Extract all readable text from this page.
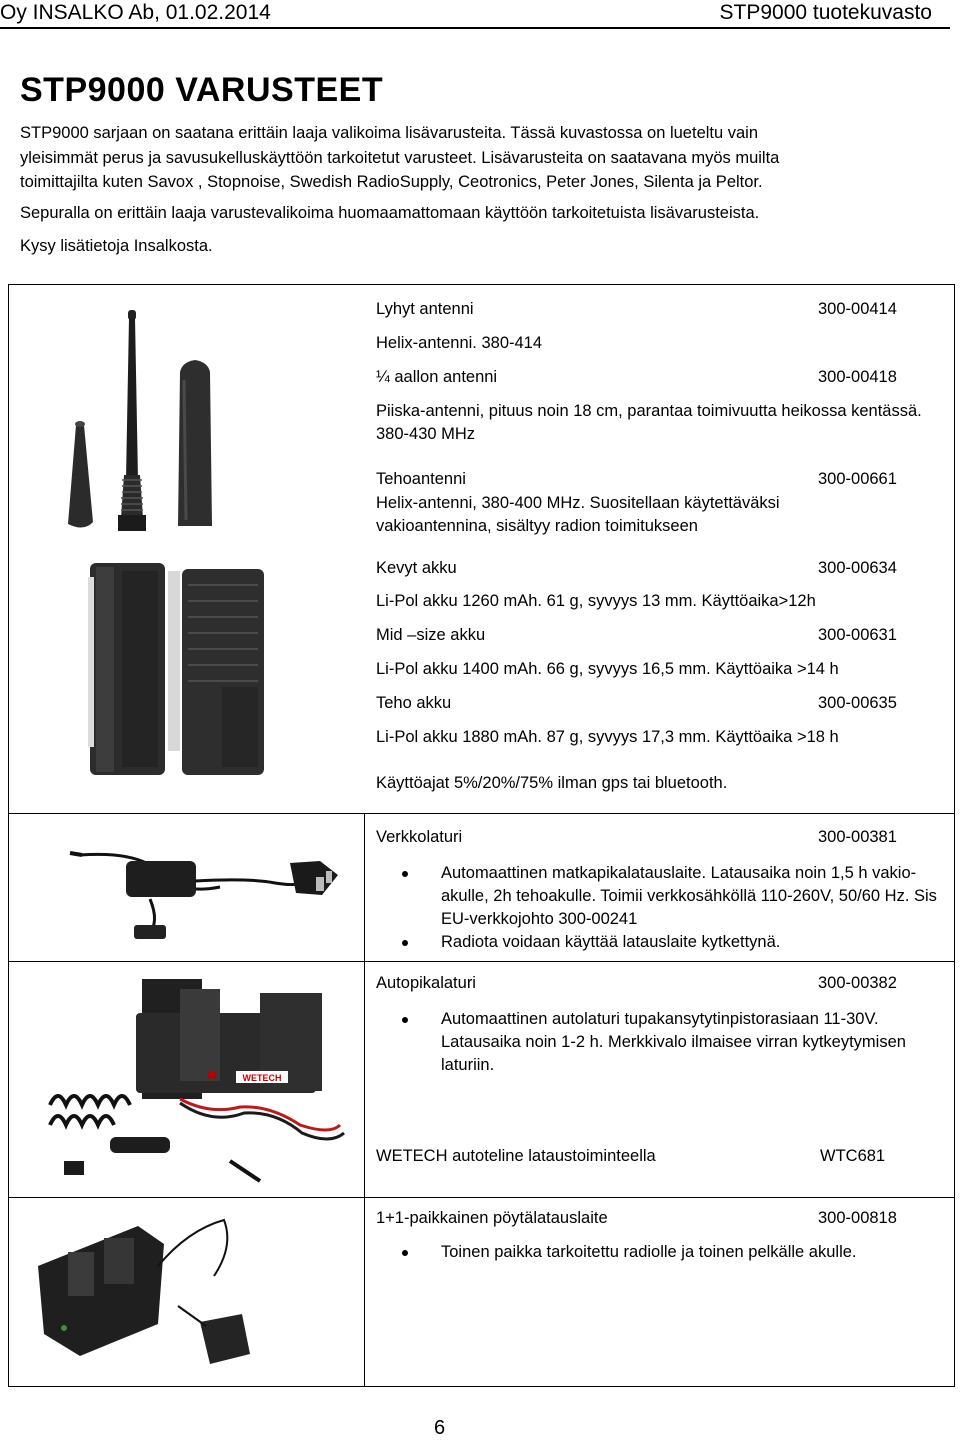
Oy INSALKO Ab, 01.02.2014	STP9000 tuotekuvasto
STP9000 VARUSTEET

STP9000 sarjaan on saatana erittäin laaja valikoima lisävarusteita. Tässä kuvastossa on lueteltu vain

yleisimmät perus ja savusukelluskäyttöön tarkoitetut varusteet. Lisävarusteita on saatavana myös muilta

toimittajilta kuten Savox , Stopnoise, Swedish RadioSupply, Ceotronics, Peter Jones, Silenta ja Peltor.

Sepuralla on erittäin laaja varustevalikoima huomaamattomaan käyttöön tarkoitetuista lisävarusteista.

Kysy lisätietoja Insalkosta.

WETECH
Lyhyt antenni	300-00414
Helix-antenni. 380-414
¼ aallon antenni	300-00418
Piiska-antenni, pituus noin 18 cm, parantaa toimivuutta heikossa kentässä. 380-430 MHz
Tehoantenni	300-00661
Helix-antenni, 380-400 MHz. Suositellaan käytettäväksi vakioantennina, sisältyy radion toimitukseen
Kevyt akku	300-00634
Li-Pol akku 1260 mAh. 61 g, syvyys 13 mm. Käyttöaika>12h
Mid –size akku	300-00631
Li-Pol akku 1400 mAh. 66 g, syvyys 16,5 mm. Käyttöaika >14 h
Teho akku	300-00635
Li-Pol akku 1880 mAh. 87 g, syvyys 17,3 mm. Käyttöaika >18 h
Käyttöajat 5%/20%/75% ilman gps tai bluetooth.
Verkkolaturi	300-00381
Automaattinen matkapikalatauslaite. Latausaika noin 1,5 h vakio-akulle, 2h tehoakulle. Toimii verkkosähköllä 110-260V, 50/60 Hz. Sis EU-verkkojohto 300-00241
Radiota voidaan käyttää latauslaite kytkettynä.
Autopikalaturi	300-00382
Automaattinen autolaturi tupakansytytinpistorasiaan 11-30V. Latausaika noin 1-2 h. Merkkivalo ilmaisee virran kytkeytymisen laturiin.
WETECH autoteline lataustoiminteella	WTC681
1+1-paikkainen pöytälatauslaite	300-00818
Toinen paikka tarkoitettu radiolle ja toinen pelkälle akulle.
6
